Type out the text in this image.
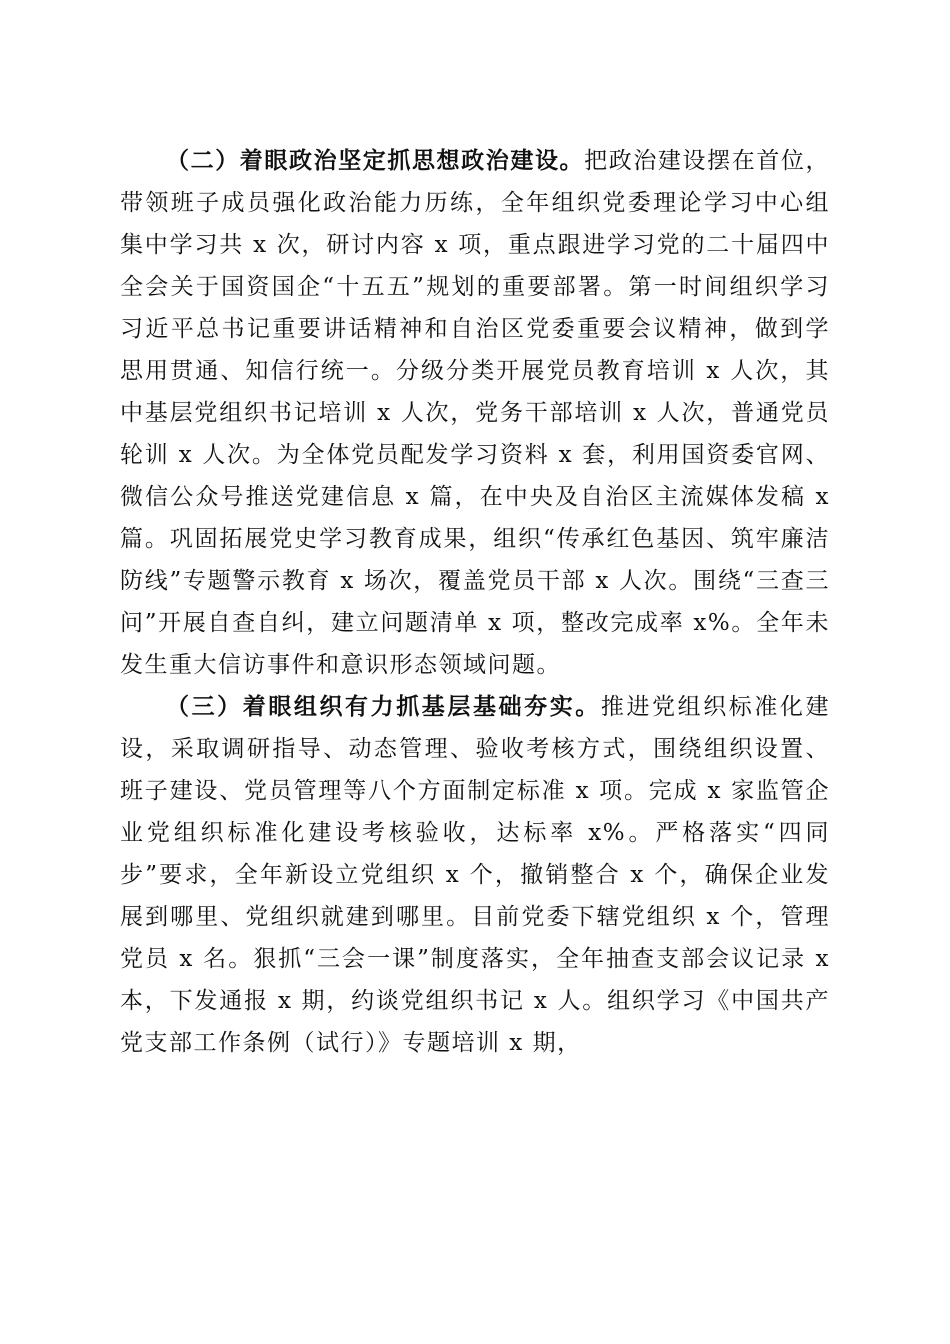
（二）着眼政治坚定抓思想政治建设。把政治建设摆在首位，带领班子成员强化政治能力历练，全年组织党委理论学习中心组集中学习共 x 次，研讨内容 x 项，重点跟进学习党的二十届四中全会关于国资国企“十五五”规划的重要部署。第一时间组织学习习近平总书记重要讲话精神和自治区党委重要会议精神，做到学思用贯通、知信行统一。分级分类开展党员教育培训 x 人次，其中基层党组织书记培训 x 人次，党务干部培训 x 人次，普通党员轮训 x 人次。为全体党员配发学习资料 x 套，利用国资委官网、微信公众号推送党建信息 x 篇，在中央及自治区主流媒体发稿 x 篇。巩固拓展党史学习教育成果，组织“传承红色基因、筑牢廉洁防线”专题警示教育 x 场次，覆盖党员干部 x 人次。围绕“三查三问”开展自查自纠，建立问题清单 x 项，整改完成率 x%。全年未发生重大信访事件和意识形态领域问题。

（三）着眼组织有力抓基层基础夯实。推进党组织标准化建设，采取调研指导、动态管理、验收考核方式，围绕组织设置、班子建设、党员管理等八个方面制定标准 x 项。完成 x 家监管企业党组织标准化建设考核验收，达标率 x%。严格落实“四同步”要求，全年新设立党组织 x 个，撤销整合 x 个，确保企业发展到哪里、党组织就建到哪里。目前党委下辖党组织 x 个，管理党员 x 名。狠抓“三会一课”制度落实，全年抽查支部会议记录 x 本，下发通报 x 期，约谈党组织书记 x 人。组织学习《中国共产党支部工作条例（试行）》专题培训 x 期，
